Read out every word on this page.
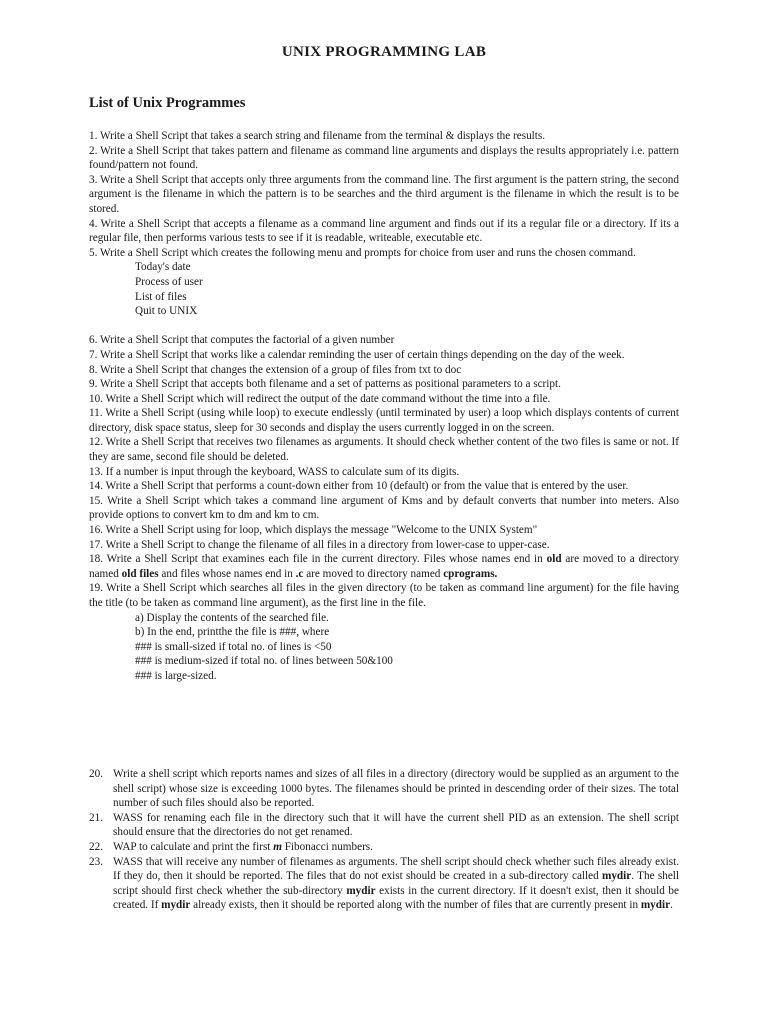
UNIX PROGRAMMING LAB
List of Unix Programmes

1. Write a Shell Script that takes a search string and filename from the terminal & displays the results.

2. Write a Shell Script that takes pattern and filename as command line arguments and displays the results appropriately i.e. pattern found/pattern not found.

3. Write a Shell Script that accepts only three arguments from the command line. The first argument is the pattern string, the second argument is the filename in which the pattern is to be searches and the third argument is the filename in which the result is to be stored.

4. Write a Shell Script that accepts a filename as a command line argument and finds out if its a regular file or a directory. If its a regular file, then performs various tests to see if it is readable, writeable, executable etc.

5. Write a Shell Script which creates the following menu and prompts for choice from user and runs the chosen command.

Today's date

Process of user

List of files

Quit to UNIX

6. Write a Shell Script that computes the factorial of a given number

7. Write a Shell Script that works like a calendar reminding the user of certain things depending on the day of the week.

8. Write a Shell Script that changes the extension of a group of files from txt to doc

9. Write a Shell Script that accepts both filename and a set of patterns as positional parameters to a script.

10. Write a Shell Script which will redirect the output of the date command without the time into a file.

11. Write a Shell Script (using while loop) to execute endlessly (until terminated by user) a loop which displays contents of current directory, disk space status, sleep for 30 seconds and display the users currently logged in on the screen.

12. Write a Shell Script that receives two filenames as arguments. It should check whether content of the two files is same or not. If they are same, second file should be deleted.

13. If a number is input through the keyboard, WASS to calculate sum of its digits.

14. Write a Shell Script that performs a count-down either from 10 (default) or from the value that is entered by the user.

15. Write a Shell Script which takes a command line argument of Kms and by default converts that number into meters. Also provide options to convert km to dm and km to cm.

16. Write a Shell Script using for loop, which displays the message "Welcome to the UNIX System"

17. Write a Shell Script to change the filename of all files in a directory from lower-case to upper-case.

18. Write a Shell Script that examines each file in the current directory. Files whose names end in old are moved to a directory named old files and files whose names end in .c are moved to directory named cprograms.

19. Write a Shell Script which searches all files in the given directory (to be taken as command line argument) for the file having the title (to be taken as command line argument), as the first line in the file.

a) Display the contents of the searched file.

b) In the end, printthe the file is ###, where

### is small-sized if total no. of lines is <50

### is medium-sized if total no. of lines between 50&100

### is large-sized.

20. Write a shell script which reports names and sizes of all files in a directory (directory would be supplied as an argument to the shell script) whose size is exceeding 1000 bytes. The filenames should be printed in descending order of their sizes. The total number of such files should also be reported.
21. WASS for renaming each file in the directory such that it will have the current shell PID as an extension. The shell script should ensure that the directories do not get renamed.
22. WAP to calculate and print the first m Fibonacci numbers.
23. WASS that will receive any number of filenames as arguments. The shell script should check whether such files already exist. If they do, then it should be reported. The files that do not exist should be created in a sub-directory called mydir. The shell script should first check whether the sub-directory mydir exists in the current directory. If it doesn't exist, then it should be created. If mydir already exists, then it should be reported along with the number of files that are currently present in mydir.
